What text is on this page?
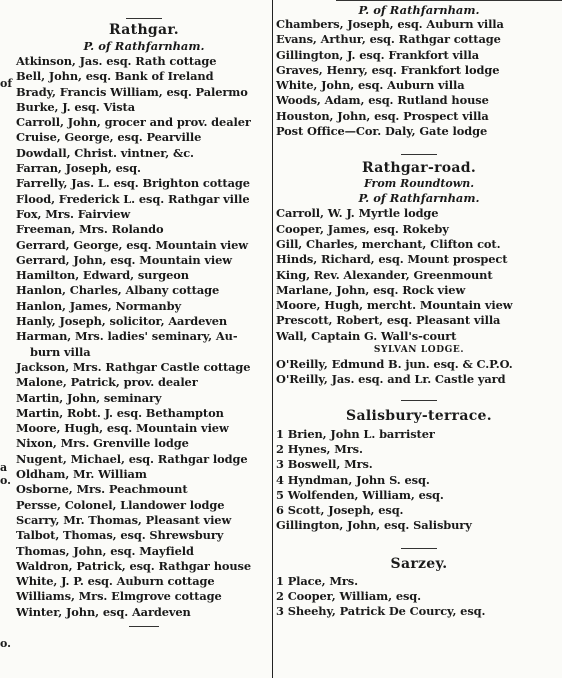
of
a
o.
o.
Rathgar.
P. of Rathfarnham.
Atkinson, Jas. esq. Rath cottage
Bell, John, esq. Bank of Ireland
Brady, Francis William, esq. Palermo
Burke, J. esq. Vista
Carroll, John, grocer and prov. dealer
Cruise, George, esq. Pearville
Dowdall, Christ. vintner, &c.
Farran, Joseph, esq.
Farrelly, Jas. L. esq. Brighton cottage
Flood, Frederick L. esq. Rathgar ville
Fox, Mrs. Fairview
Freeman, Mrs. Rolando
Gerrard, George, esq. Mountain view
Gerrard, John, esq. Mountain view
Hamilton, Edward, surgeon
Hanlon, Charles, Albany cottage
Hanlon, James, Normanby
Hanly, Joseph, solicitor, Aardeven
Harman, Mrs. ladies' seminary, Au-
burn villa
Jackson, Mrs. Rathgar Castle cottage
Malone, Patrick, prov. dealer
Martin, John, seminary
Martin, Robt. J. esq. Bethampton
Moore, Hugh, esq. Mountain view
Nixon, Mrs. Grenville lodge
Nugent, Michael, esq. Rathgar lodge
Oldham, Mr. William
Osborne, Mrs. Peachmount
Persse, Colonel, Llandower lodge
Scarry, Mr. Thomas, Pleasant view
Talbot, Thomas, esq. Shrewsbury
Thomas, John, esq. Mayfield
Waldron, Patrick, esq. Rathgar house
White, J. P. esq. Auburn cottage
Williams, Mrs. Elmgrove cottage
Winter, John, esq. Aardeven
P. of Rathfarnham.
Chambers, Joseph, esq. Auburn villa
Evans, Arthur, esq. Rathgar cottage
Gillington, J. esq. Frankfort villa
Graves, Henry, esq. Frankfort lodge
White, John, esq. Auburn villa
Woods, Adam, esq. Rutland house
Houston, John, esq. Prospect villa
Post Office—Cor. Daly, Gate lodge
Rathgar-road.
From Roundtown.
P. of Rathfarnham.
Carroll, W. J. Myrtle lodge
Cooper, James, esq. Rokeby
Gill, Charles, merchant, Clifton cot.
Hinds, Richard, esq. Mount prospect
King, Rev. Alexander, Greenmount
Marlane, John, esq. Rock view
Moore, Hugh, mercht. Mountain view
Prescott, Robert, esq. Pleasant villa
Wall, Captain G. Wall's-court
SYLVAN LODGE.
O'Reilly, Edmund B. jun. esq. & C.P.O.
O'Reilly, Jas. esq. and Lr. Castle yard
Salisbury-terrace.
1 Brien, John L. barrister
2 Hynes, Mrs.
3 Boswell, Mrs.
4 Hyndman, John S. esq.
5 Wolfenden, William, esq.
6 Scott, Joseph, esq.
Gillington, John, esq. Salisbury
Sarzey.
1 Place, Mrs.
2 Cooper, William, esq.
3 Sheehy, Patrick De Courcy, esq.
